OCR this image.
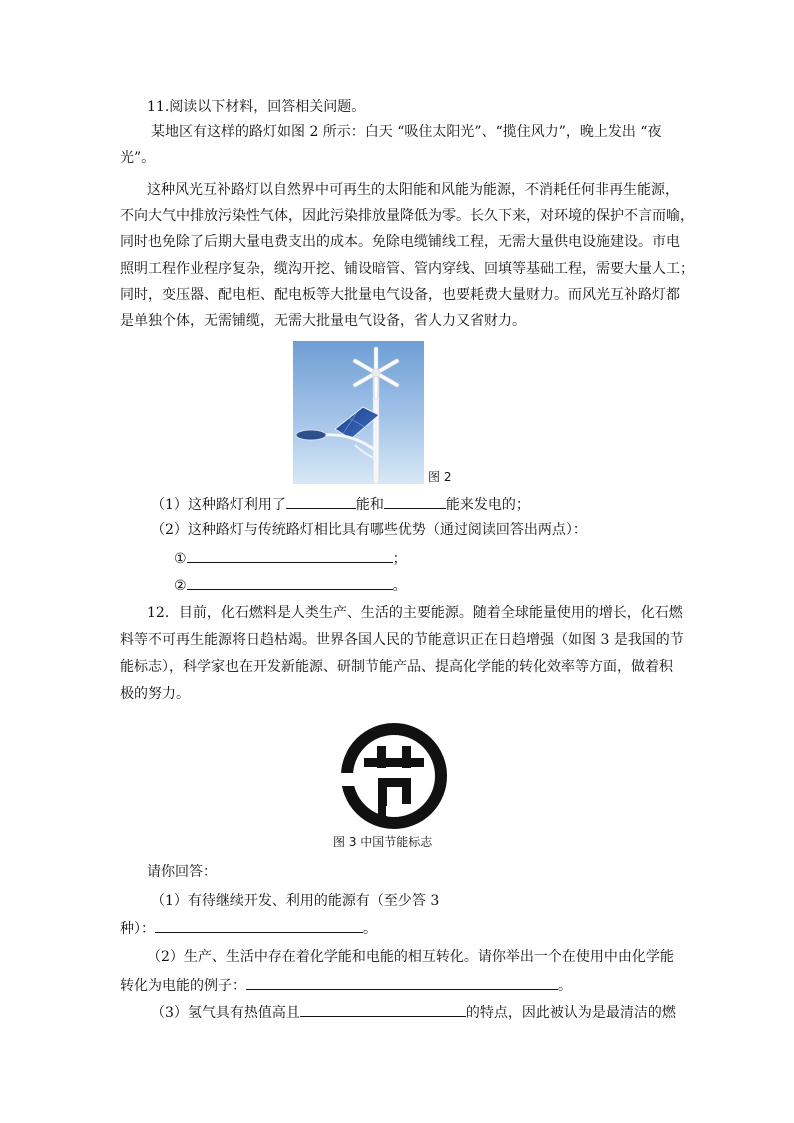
11.阅读以下材料，回答相关问题。
某地区有这样的路灯如图 2 所示：白天 “吸住太阳光”、“揽住风力”，晚上发出 “夜
光”。
这种风光互补路灯以自然界中可再生的太阳能和风能为能源，不消耗任何非再生能源，
不向大气中排放污染性气体，因此污染排放量降低为零。长久下来，对环境的保护不言而喻，
同时也免除了后期大量电费支出的成本。免除电缆铺线工程，无需大量供电设施建设。市电
照明工程作业程序复杂，缆沟开挖、铺设暗管、管内穿线、回填等基础工程，需要大量人工；
同时，变压器、配电柜、配电板等大批量电气设备，也要耗费大量财力。而风光互补路灯都
是单独个体，无需铺缆，无需大批量电气设备，省人力又省财力。
图 2
（1）这种路灯利用了	能和	能来发电的；
（2）这种路灯与传统路灯相比具有哪些优势（通过阅读回答出两点）：
①	；
②	。
12．目前，化石燃料是人类生产、生活的主要能源。随着全球能量使用的增长，化石燃
料等不可再生能源将日趋枯竭。世界各国人民的节能意识正在日趋增强（如图 3 是我国的节
能标志），科学家也在开发新能源、研制节能产品、提高化学能的转化效率等方面，做着积
极的努力。
图 3 中国节能标志
请你回答：
（1）有待继续开发、利用的能源有（至少答 3
种）：	。
（2）生产、生活中存在着化学能和电能的相互转化。请你举出一个在使用中由化学能
转化为电能的例子：	。
（3）氢气具有热值高且	的特点，因此被认为是最清洁的燃
